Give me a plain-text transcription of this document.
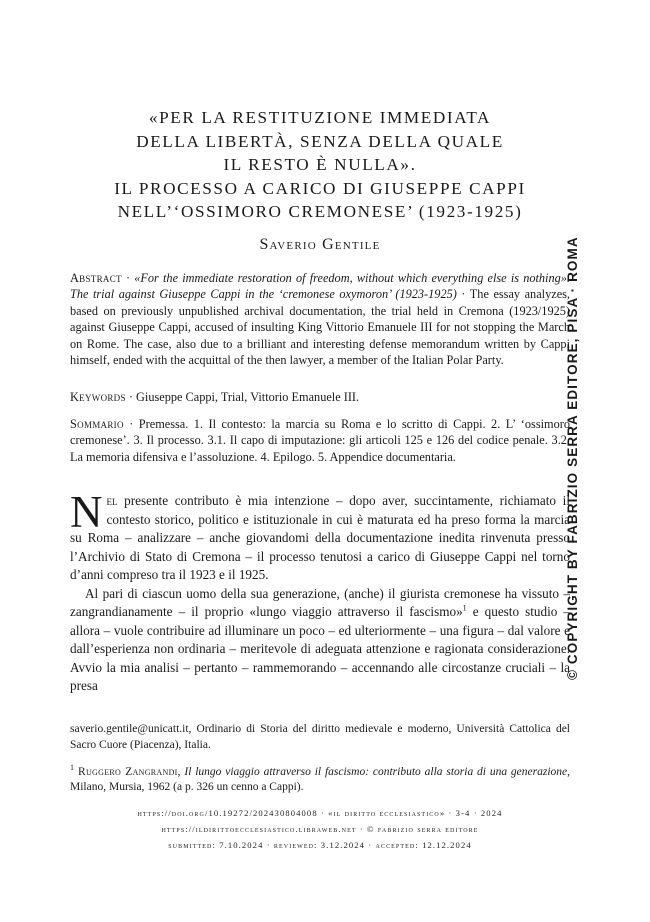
«PER LA RESTITUZIONE IMMEDIATA
DELLA LIBERTÀ, SENZA DELLA QUALE
IL RESTO È NULLA».
IL PROCESSO A CARICO DI GIUSEPPE CAPPI
NELL’‘OSSIMORO CREMONESE’ (1923-1925)
Saverio Gentile
Abstract · «For the immediate restoration of freedom, without which everything else is nothing». The trial against Giuseppe Cappi in the ‘cremonese oxymoron’ (1923-1925) · The essay analyzes, based on previously unpublished archival documentation, the trial held in Cremona (1923/1925) against Giuseppe Cappi, accused of insulting King Vittorio Emanuele III for not stopping the March on Rome. The case, also due to a brilliant and interesting defense memorandum written by Cappi himself, ended with the acquittal of the then lawyer, a member of the Italian Polar Party.
Keywords · Giuseppe Cappi, Trial, Vittorio Emanuele III.
Sommario · Premessa. 1. Il contesto: la marcia su Roma e lo scritto di Cappi. 2. L’ ‘ossimoro cremonese’. 3. Il processo. 3.1. Il capo di imputazione: gli articoli 125 e 126 del codice penale. 3.2. La memoria difensiva e l’assoluzione. 4. Epilogo. 5. Appendice documentaria.

Nel presente contributo è mia intenzione – dopo aver, succintamente, richiamato il contesto storico, politico e istituzionale in cui è maturata ed ha preso forma la marcia su Roma – analizzare – anche giovandomi della documentazione inedita rinvenuta presso l’Archivio di Stato di Cremona – il processo tenutosi a carico di Giuseppe Cappi nel torno d’anni compreso tra il 1923 e il 1925.

Al pari di ciascun uomo della sua generazione, (anche) il giurista cremonese ha vissuto – zangrandianamente – il proprio «lungo viaggio attraverso il fascismo»$^1$ e questo studio – allora – vuole contribuire ad illuminare un poco – ed ulteriormente – una figura – dal valore e dall’esperienza non ordinaria – meritevole di adeguata attenzione e ragionata considerazione. Avvio la mia analisi – pertanto – rammemorando – accennando alle circostanze cruciali – la presa

saverio.gentile@unicatt.it, Ordinario di Storia del diritto medievale e moderno, Università Cattolica del Sacro Cuore (Piacenza), Italia.
$^1$ Ruggero Zangrandi, Il lungo viaggio attraverso il fascismo: contributo alla storia di una generazione, Milano, Mursia, 1962 (a p. 326 un cenno a Cappi).
https://doi.org/10.19272/202430804008 · «il diritto ecclesiastico» · 3-4 · 2024
https://ildirittoecclesiastico.libraweb.net · © fabrizio serra editore
submitted: 7.10.2024 · reviewed: 3.12.2024 · accepted: 12.12.2024
© COPYRIGHT BY FABRIZIO SERRA EDITORE, PISA · ROMA
